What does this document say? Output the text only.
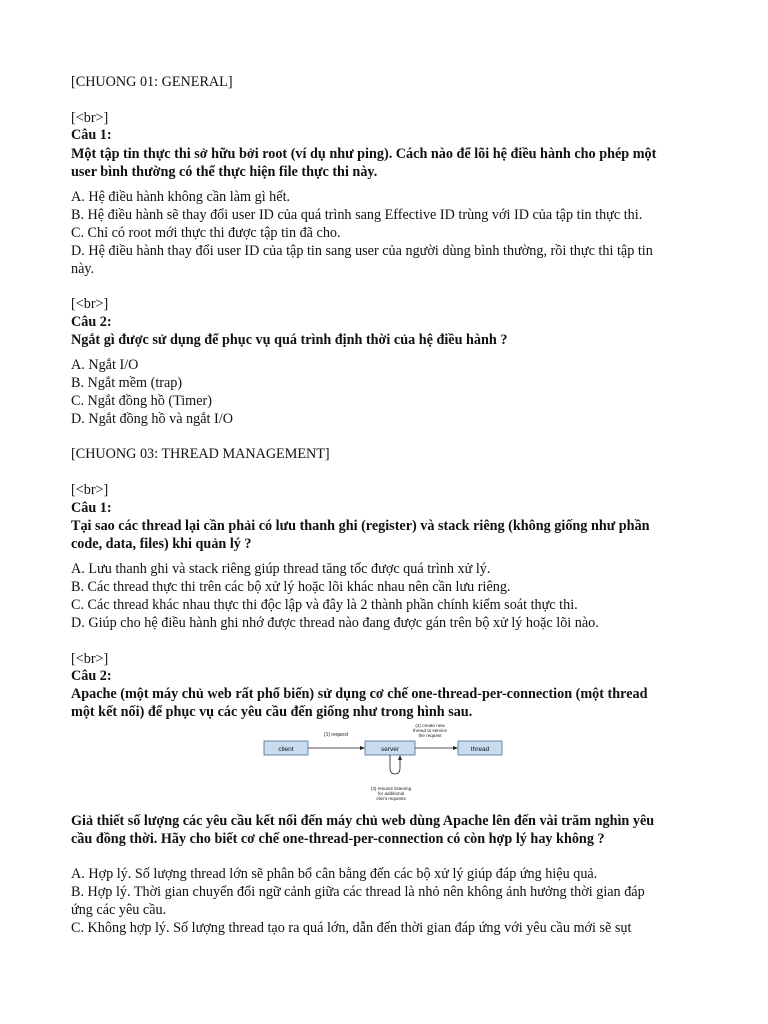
[CHUONG 01: GENERAL]
[<br>]
Câu 1:
Một tập tin thực thi sở hữu bởi root (ví dụ như ping). Cách nào để lõi hệ điều hành cho phép một
user bình thường có thể thực hiện file thực thi này.
A. Hệ điều hành không cần làm gì hết.
B. Hệ điều hành sẽ thay đổi user ID của quá trình sang Effective ID trùng với ID của tập tin thực thi.
C. Chỉ có root mới thực thi được tập tin đã cho.
D. Hệ điều hành thay đổi user ID của tập tin sang user của người dùng bình thường, rồi thực thi tập tin
này.
[<br>]
Câu 2:
Ngắt gì được sử dụng để phục vụ quá trình định thời của hệ điều hành ?
A. Ngắt I/O
B. Ngắt mềm (trap)
C. Ngắt đồng hồ (Timer)
D. Ngắt đồng hồ và ngắt I/O
[CHUONG 03: THREAD MANAGEMENT]
[<br>]
Câu 1:
Tại sao các thread lại cần phải có lưu thanh ghi (register) và stack riêng (không giống như phần
code, data, files) khi quản lý ?
A. Lưu thanh ghi và stack riêng giúp thread tăng tốc được quá trình xử lý.
B. Các thread thực thi trên các bộ xử lý hoặc lõi khác nhau nên cần lưu riêng.
C. Các thread khác nhau thực thi độc lập và đây là 2 thành phần chính kiểm soát thực thi.
D. Giúp cho hệ điều hành ghi nhớ được thread nào đang được gán trên bộ xử lý hoặc lõi nào.
[<br>]
Câu 2:
Apache (một máy chủ web rất phổ biến) sử dụng cơ chế one-thread-per-connection (một thread
một kết nối) để phục vụ các yêu cầu đến giống như trong hình sau.
client	server	thread
(1) request
(2) create new
thread to service
the request
(3) resume listening
for additional
client requests
Giả thiết số lượng các yêu cầu kết nối đến máy chủ web dùng Apache lên đến vài trăm nghìn yêu
cầu đồng thời. Hãy cho biết cơ chế one-thread-per-connection có còn hợp lý hay không ?
A. Hợp lý. Số lượng thread lớn sẽ phân bổ cân bằng đến các bộ xử lý giúp đáp ứng hiệu quả.
B. Hợp lý. Thời gian chuyển đổi ngữ cảnh giữa các thread là nhỏ nên không ảnh hưởng thời gian đáp
ứng các yêu cầu.
C. Không hợp lý. Số lượng thread tạo ra quá lớn, dẫn đến thời gian đáp ứng với yêu cầu mới sẽ sụt
